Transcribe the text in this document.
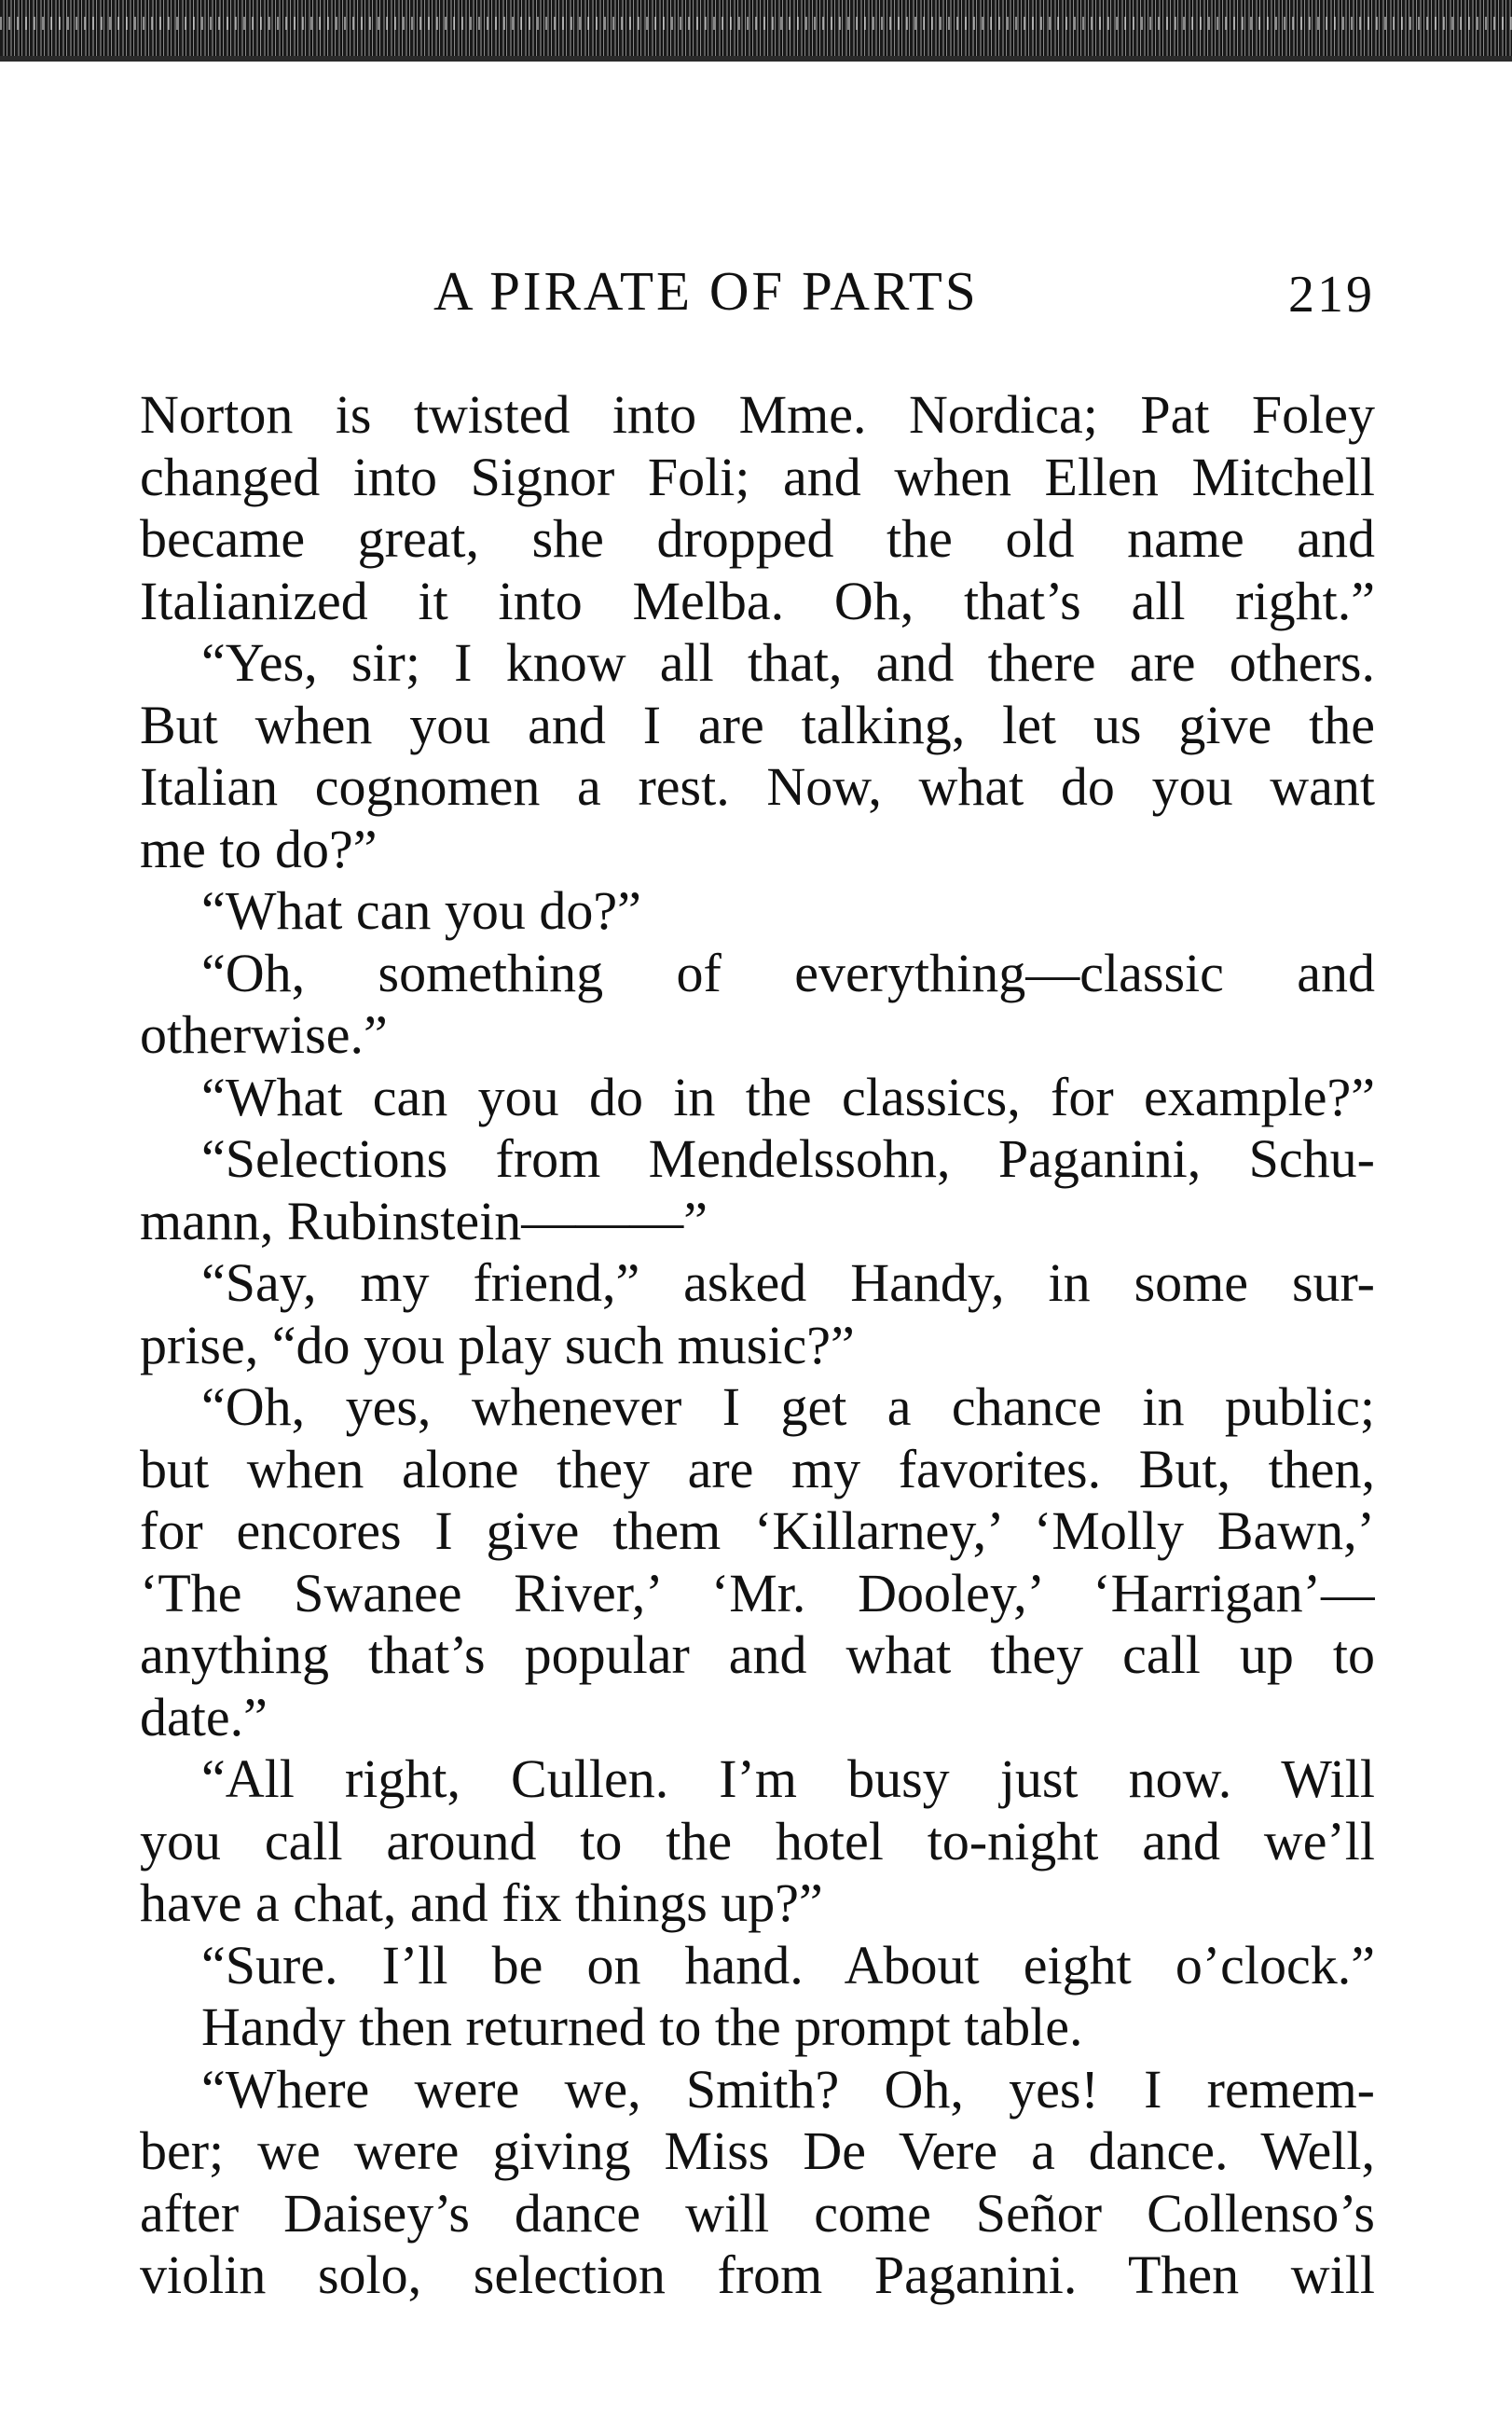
A PIRATE OF PARTS	219
Norton is twisted into Mme. Nordica; Pat Foley
changed into Signor Foli; and when Ellen Mitchell
became great, she dropped the old name and
Italianized it into Melba. Oh, that’s all right.”
“Yes, sir; I know all that, and there are others.
But when you and I are talking, let us give the
Italian cognomen a rest. Now, what do you want
me to do?”
“What can you do?”
“Oh, something of everything—classic and
otherwise.”
“What can you do in the classics, for example?”
“Selections from Mendelssohn, Paganini, Schu-
mann, Rubinstein———”
“Say, my friend,” asked Handy, in some sur-
prise, “do you play such music?”
“Oh, yes, whenever I get a chance in public;
but when alone they are my favorites. But, then,
for encores I give them ‘Killarney,’ ‘Molly Bawn,’
‘The Swanee River,’ ‘Mr. Dooley,’ ‘Harrigan’—
anything that’s popular and what they call up to
date.”
“All right, Cullen. I’m busy just now. Will
you call around to the hotel to-night and we’ll
have a chat, and fix things up?”
“Sure. I’ll be on hand. About eight o’clock.”
Handy then returned to the prompt table.
“Where were we, Smith? Oh, yes! I remem-
ber; we were giving Miss De Vere a dance. Well,
after Daisey’s dance will come Señor Collenso’s
violin solo, selection from Paganini. Then will
